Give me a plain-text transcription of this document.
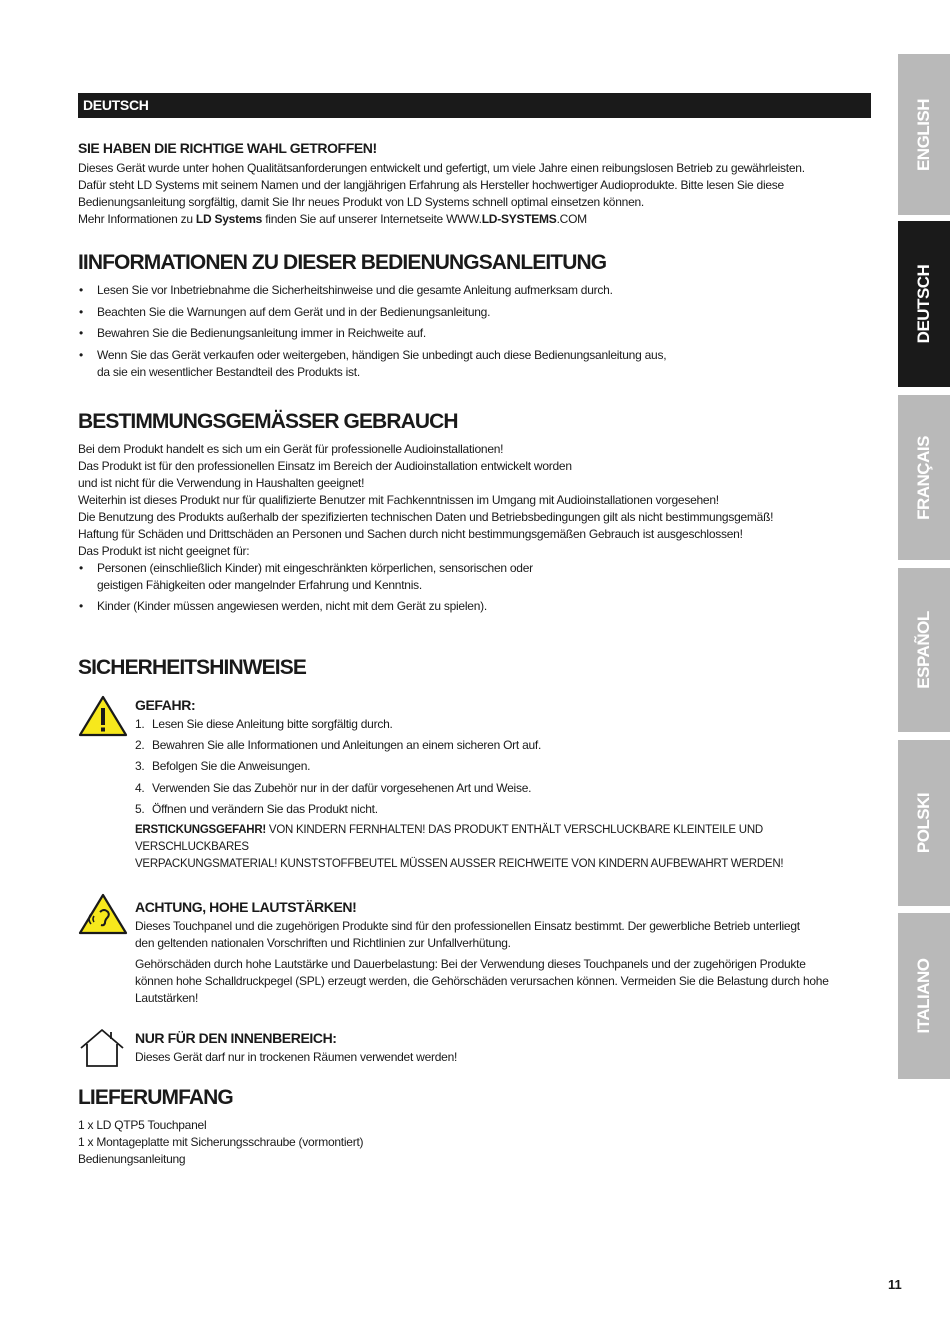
ENGLISH
DEUTSCH
FRANÇAIS
ESPAÑOL
POLSKI
ITALIANO
DEUTSCH
SIE HABEN DIE RICHTIGE WAHL GETROFFEN!

Dieses Gerät wurde unter hohen Qualitätsanforderungen entwickelt und gefertigt, um viele Jahre einen reibungslosen Betrieb zu gewährleisten.

Dafür steht LD Systems mit seinem Namen und der langjährigen Erfahrung als Hersteller hochwertiger Audioprodukte. Bitte lesen Sie diese

Bedienungsanleitung sorgfältig, damit Sie Ihr neues Produkt von LD Systems schnell optimal einsetzen können.

Mehr Informationen zu LD Systems finden Sie auf unserer Internetseite WWW.LD-SYSTEMS.COM

IINFORMATIONEN ZU DIESER BEDIENUNGSANLEITUNG
• Lesen Sie vor Inbetriebnahme die Sicherheitshinweise und die gesamte Anleitung aufmerksam durch.
• Beachten Sie die Warnungen auf dem Gerät und in der Bedienungsanleitung.
• Bewahren Sie die Bedienungsanleitung immer in Reichweite auf.
• Wenn Sie das Gerät verkaufen oder weitergeben, händigen Sie unbedingt auch diese Bedienungsanleitung aus,
da sie ein wesentlicher Bestandteil des Produkts ist.
BESTIMMUNGSGEMÄSSER GEBRAUCH

Bei dem Produkt handelt es sich um ein Gerät für professionelle Audioinstallationen!

Das Produkt ist für den professionellen Einsatz im Bereich der Audioinstallation entwickelt worden

und ist nicht für die Verwendung in Haushalten geeignet!

Weiterhin ist dieses Produkt nur für qualifizierte Benutzer mit Fachkenntnissen im Umgang mit Audioinstallationen vorgesehen!

Die Benutzung des Produkts außerhalb der spezifizierten technischen Daten und Betriebsbedingungen gilt als nicht bestimmungsgemäß!

Haftung für Schäden und Drittschäden an Personen und Sachen durch nicht bestimmungsgemäßen Gebrauch ist ausgeschlossen!

Das Produkt ist nicht geeignet für:

• Personen (einschließlich Kinder) mit eingeschränkten körperlichen, sensorischen oder
geistigen Fähigkeiten oder mangelnder Erfahrung und Kenntnis.
• Kinder (Kinder müssen angewiesen werden, nicht mit dem Gerät zu spielen).
SICHERHEITSHINWEISE
GEFAHR:
1. Lesen Sie diese Anleitung bitte sorgfältig durch.
2. Bewahren Sie alle Informationen und Anleitungen an einem sicheren Ort auf.
3. Befolgen Sie die Anweisungen.
4. Verwenden Sie das Zubehör nur in der dafür vorgesehenen Art und Weise.
5. Öffnen und verändern Sie das Produkt nicht.

ERSTICKUNGSGEFAHR! VON KINDERN FERNHALTEN! DAS PRODUKT ENTHÄLT VERSCHLUCKBARE KLEINTEILE UND VERSCHLUCKBARES
VERPACKUNGSMATERIAL! KUNSTSTOFFBEUTEL MÜSSEN AUSSER REICHWEITE VON KINDERN AUFBEWAHRT WERDEN!

ACHTUNG, HOHE LAUTSTÄRKEN!

Dieses Touchpanel und die zugehörigen Produkte sind für den professionellen Einsatz bestimmt. Der gewerbliche Betrieb unterliegt

den geltenden nationalen Vorschriften und Richtlinien zur Unfallverhütung.

Gehörschäden durch hohe Lautstärke und Dauerbelastung: Bei der Verwendung dieses Touchpanels und der zugehörigen Produkte

können hohe Schalldruckpegel (SPL) erzeugt werden, die Gehörschäden verursachen können. Vermeiden Sie die Belastung durch hohe

Lautstärken!

NUR FÜR DEN INNENBEREICH:

Dieses Gerät darf nur in trockenen Räumen verwendet werden!

LIEFERUMFANG

1 x LD QTP5 Touchpanel

1 x Montageplatte mit Sicherungsschraube (vormontiert)

Bedienungsanleitung

11
